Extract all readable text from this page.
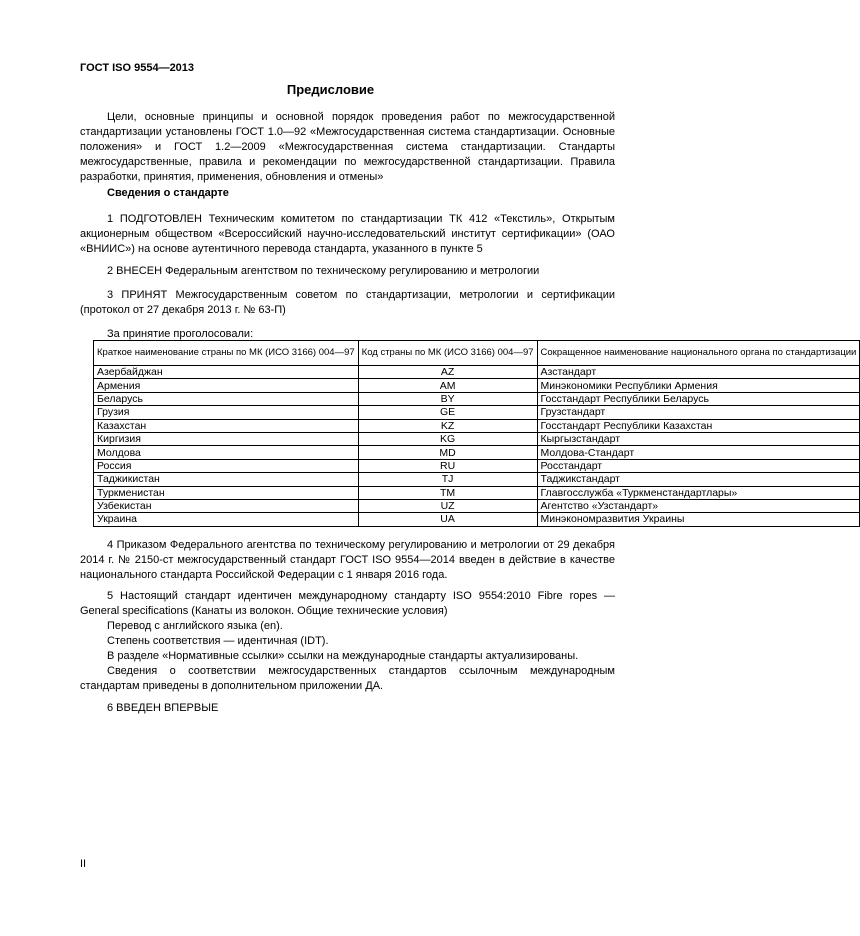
ГОСТ ISO 9554—2013
Предисловие
Цели, основные принципы и основной порядок проведения работ по межгосударственной стандартизации установлены ГОСТ 1.0—92 «Межгосударственная система стандартизации. Основные положения» и ГОСТ 1.2—2009 «Межгосударственная система стандартизации. Стандарты межгосударственные, правила и рекомендации по межгосударственной стандартизации. Правила разработки, принятия, применения, обновления и отмены»
Сведения о стандарте
1 ПОДГОТОВЛЕН Техническим комитетом по стандартизации ТК 412 «Текстиль», Открытым акционерным обществом «Всероссийский научно-исследовательский институт сертификации» (ОАО «ВНИИС») на основе аутентичного перевода стандарта, указанного в пункте 5
2 ВНЕСЕН Федеральным агентством по техническому регулированию и метрологии
3 ПРИНЯТ Межгосударственным советом по стандартизации, метрологии и сертификации (протокол от 27 декабря 2013 г. № 63-П)
За принятие проголосовали:
Краткое наименование страны по МК (ИСО 3166) 004—97	Код страны по МК (ИСО 3166) 004—97	Сокращенное наименование национального органа по стандартизации
Азербайджан	AZ	Азстандарт
Армения	AM	Минэкономики Республики Армения
Беларусь	BY	Госстандарт Республики Беларусь
Грузия	GE	Грузстандарт
Казахстан	KZ	Госстандарт Республики Казахстан
Киргизия	KG	Кыргызстандарт
Молдова	MD	Молдова-Стандарт
Россия	RU	Росстандарт
Таджикистан	TJ	Таджикстандарт
Туркменистан	TM	Главгосслужба «Туркменстандартлары»
Узбекистан	UZ	Агентство «Узстандарт»
Украина	UA	Минэкономразвития Украины
4 Приказом Федерального агентства по техническому регулированию и метрологии от 29 декабря 2014 г. № 2150-ст межгосударственный стандарт ГОСТ ISO 9554—2014 введен в действие в качестве национального стандарта Российской Федерации с 1 января 2016 года.
5 Настоящий стандарт идентичен международному стандарту ISO 9554:2010 Fibre ropes — General specifications (Канаты из волокон. Общие технические условия)
Перевод с английского языка (en).
Степень соответствия — идентичная (IDT).
В разделе «Нормативные ссылки» ссылки на международные стандарты актуализированы.
Сведения о соответствии межгосударственных стандартов ссылочным международным стандартам приведены в дополнительном приложении ДА.
6 ВВЕДЕН ВПЕРВЫЕ
II
